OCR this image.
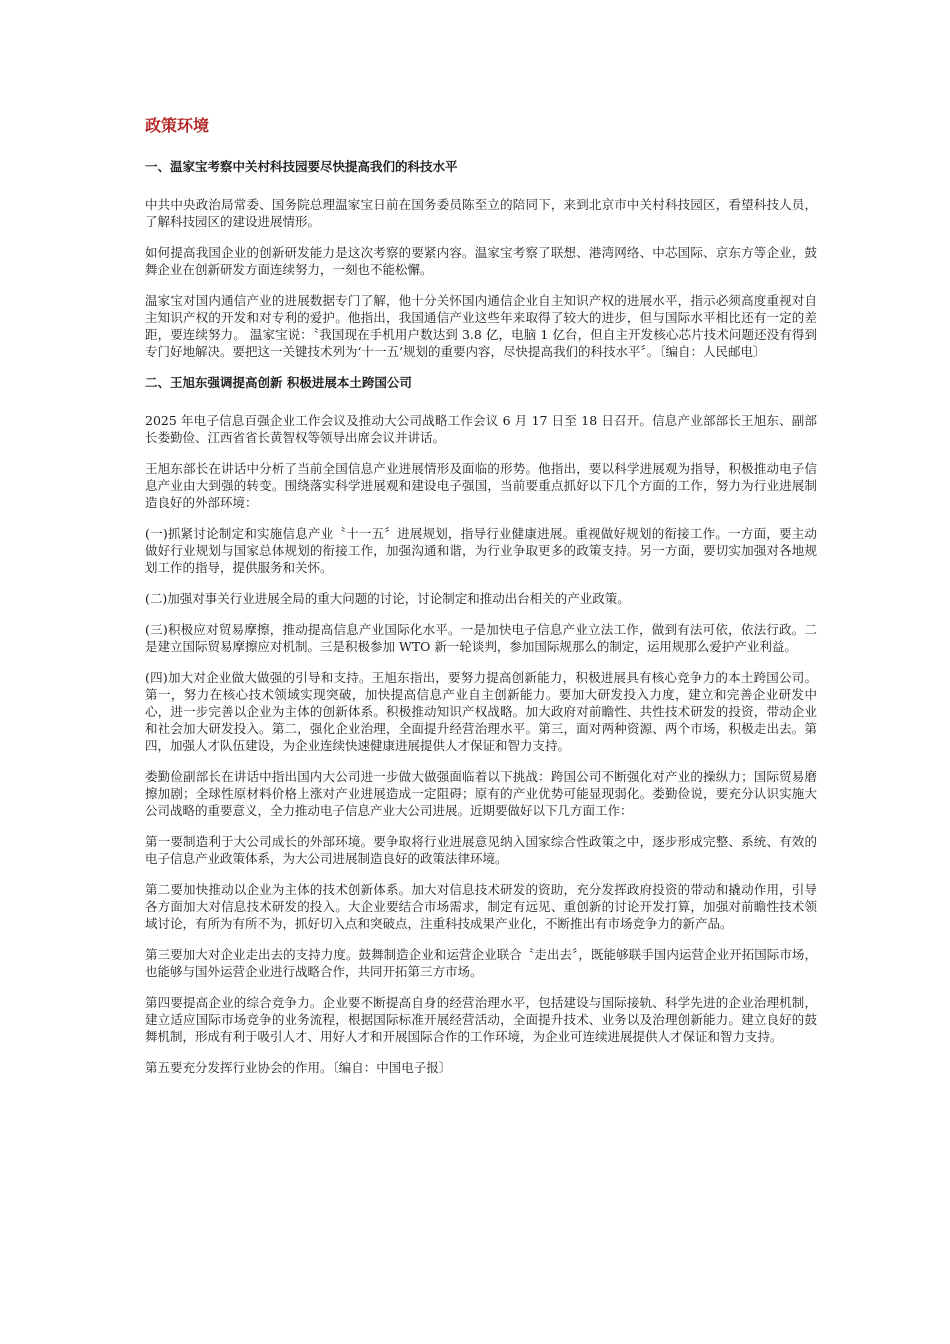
政策环境
一、温家宝考察中关村科技园要尽快提高我们的科技水平

中共中央政治局常委、国务院总理温家宝日前在国务委员陈至立的陪同下，来到北京市中关村科技园区，看望科技人员，了解科技园区的建设进展情形。

如何提高我国企业的创新研发能力是这次考察的要紧内容。温家宝考察了联想、港湾网络、中芯国际、京东方等企业，鼓舞企业在创新研发方面连续努力，一刻也不能松懈。

温家宝对国内通信产业的进展数据专门了解，他十分关怀国内通信企业自主知识产权的进展水平，指示必须高度重视对自主知识产权的开发和对专利的爱护。他指出，我国通信产业这些年来取得了较大的进步，但与国际水平相比还有一定的差距，要连续努力。 温家宝说：〝我国现在手机用户数达到 3.8 亿，电脑 1 亿台，但自主开发核心芯片技术问题还没有得到专门好地解决。要把这一关键技术列为‘十一五’规划的重要内容，尽快提高我们的科技水平〞。〔编自：人民邮电〕

二、王旭东强调提高创新 积极进展本土跨国公司

2025 年电子信息百强企业工作会议及推动大公司战略工作会议 6 月 17 日至 18 日召开。信息产业部部长王旭东、副部长娄勤俭、江西省省长黄智权等领导出席会议并讲话。

王旭东部长在讲话中分析了当前全国信息产业进展情形及面临的形势。他指出，要以科学进展观为指导，积极推动电子信息产业由大到强的转变。围绕落实科学进展观和建设电子强国，当前要重点抓好以下几个方面的工作，努力为行业进展制造良好的外部环境：

(一)抓紧讨论制定和实施信息产业〝十一五〞进展规划，指导行业健康进展。重视做好规划的衔接工作。一方面，要主动做好行业规划与国家总体规划的衔接工作，加强沟通和谐，为行业争取更多的政策支持。另一方面，要切实加强对各地规划工作的指导，提供服务和关怀。

(二)加强对事关行业进展全局的重大问题的讨论，讨论制定和推动出台相关的产业政策。

(三)积极应对贸易摩擦，推动提高信息产业国际化水平。一是加快电子信息产业立法工作，做到有法可依，依法行政。二是建立国际贸易摩擦应对机制。三是积极参加 WTO 新一轮谈判，参加国际规那么的制定，运用规那么爱护产业利益。

(四)加大对企业做大做强的引导和支持。王旭东指出，要努力提高创新能力，积极进展具有核心竞争力的本土跨国公司。第一，努力在核心技术领域实现突破，加快提高信息产业自主创新能力。要加大研发投入力度，建立和完善企业研发中心，进一步完善以企业为主体的创新体系。积极推动知识产权战略。加大政府对前瞻性、共性技术研发的投资，带动企业和社会加大研发投入。第二，强化企业治理，全面提升经营治理水平。第三，面对两种资源、两个市场，积极走出去。第四，加强人才队伍建设，为企业连续快速健康进展提供人才保证和智力支持。

娄勤俭副部长在讲话中指出国内大公司进一步做大做强面临着以下挑战：跨国公司不断强化对产业的操纵力；国际贸易磨擦加剧；全球性原材料价格上涨对产业进展造成一定阻碍；原有的产业优势可能显现弱化。娄勤俭说，要充分认识实施大公司战略的重要意义，全力推动电子信息产业大公司进展。近期要做好以下几方面工作：

第一要制造利于大公司成长的外部环境。要争取将行业进展意见纳入国家综合性政策之中，逐步形成完整、系统、有效的电子信息产业政策体系，为大公司进展制造良好的政策法律环境。

第二要加快推动以企业为主体的技术创新体系。加大对信息技术研发的资助，充分发挥政府投资的带动和撬动作用，引导各方面加大对信息技术研发的投入。大企业要结合市场需求，制定有远见、重创新的讨论开发打算，加强对前瞻性技术领域讨论，有所为有所不为，抓好切入点和突破点，注重科技成果产业化，不断推出有市场竞争力的新产品。

第三要加大对企业走出去的支持力度。鼓舞制造企业和运营企业联合〝走出去〞，既能够联手国内运营企业开拓国际市场，也能够与国外运营企业进行战略合作，共同开拓第三方市场。

第四要提高企业的综合竞争力。企业要不断提高自身的经营治理水平，包括建设与国际接轨、科学先进的企业治理机制，建立适应国际市场竞争的业务流程，根据国际标准开展经营活动，全面提升技术、业务以及治理创新能力。建立良好的鼓舞机制，形成有利于吸引人才、用好人才和开展国际合作的工作环境，为企业可连续进展提供人才保证和智力支持。

第五要充分发挥行业协会的作用。〔编自：中国电子报〕
